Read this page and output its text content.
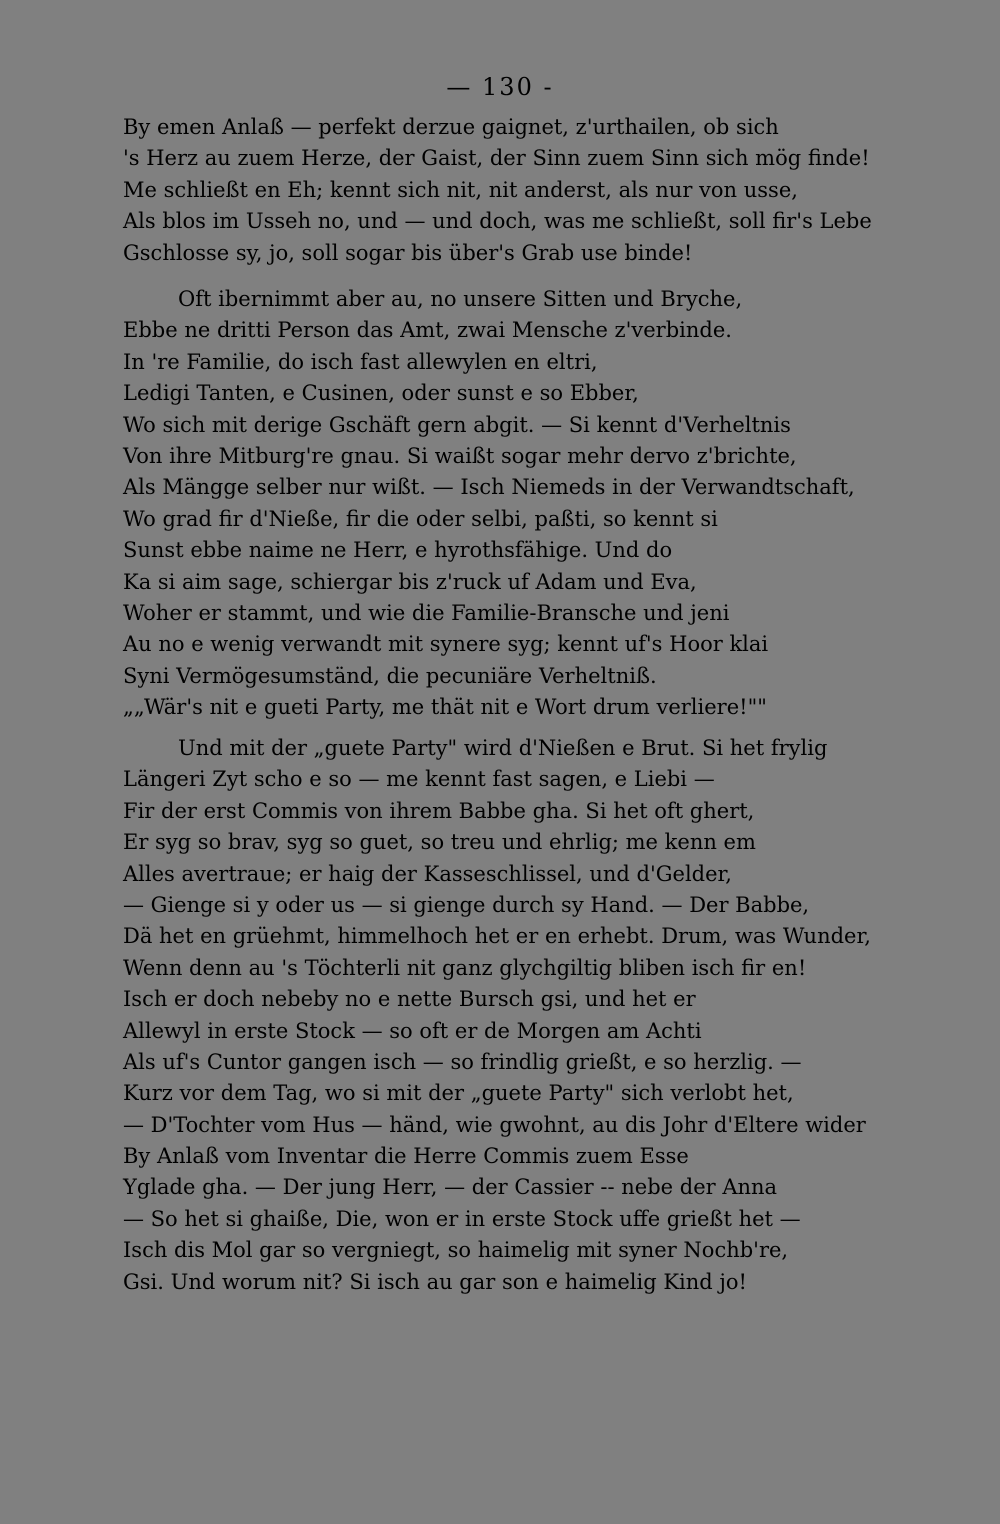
— 130 -
By emen Anlaß — perfekt derzue gaignet, z'urthailen, ob sich
's Herz au zuem Herze, der Gaist, der Sinn zuem Sinn sich mög finde!
Me schließt en Eh; kennt sich nit, nit anderst, als nur von usse,
Als blos im Usseh no, und — und doch, was me schließt, soll fir's Lebe
Gschlosse sy, jo, soll sogar bis über's Grab use binde!
Oft ibernimmt aber au, no unsere Sitten und Bryche,
Ebbe ne dritti Person das Amt, zwai Mensche z'verbinde.
In 're Familie, do isch fast allewylen en eltri,
Ledigi Tanten, e Cusinen, oder sunst e so Ebber,
Wo sich mit derige Gschäft gern abgit. — Si kennt d'Verheltnis
Von ihre Mitburg're gnau. Si waißt sogar mehr dervo z'brichte,
Als Mängge selber nur wißt. — Isch Niemeds in der Verwandtschaft,
Wo grad fir d'Nieße, fir die oder selbi, paßti, so kennt si
Sunst ebbe naime ne Herr, e hyrothsfähige. Und do
Ka si aim sage, schiergar bis z'ruck uf Adam und Eva,
Woher er stammt, und wie die Familie-Bransche und jeni
Au no e wenig verwandt mit synere syg; kennt uf's Hoor klai
Syni Vermögesumständ, die pecuniäre Verheltniß.
„„Wär's nit e gueti Party, me thät nit e Wort drum verliere!""
Und mit der „guete Party" wird d'Nießen e Brut. Si het frylig
Längeri Zyt scho e so — me kennt fast sagen, e Liebi —
Fir der erst Commis von ihrem Babbe gha. Si het oft ghert,
Er syg so brav, syg so guet, so treu und ehrlig; me kenn em
Alles avertraue; er haig der Kasseschlissel, und d'Gelder,
— Gienge si y oder us — si gienge durch sy Hand. — Der Babbe,
Dä het en grüehmt, himmelhoch het er en erhebt. Drum, was Wunder,
Wenn denn au 's Töchterli nit ganz glychgiltig bliben isch fir en!
Isch er doch nebeby no e nette Bursch gsi, und het er
Allewyl in erste Stock — so oft er de Morgen am Achti
Als uf's Cuntor gangen isch — so frindlig grießt, e so herzlig. —
Kurz vor dem Tag, wo si mit der „guete Party" sich verlobt het,
— D'Tochter vom Hus — händ, wie gwohnt, au dis Johr d'Eltere wider
By Anlaß vom Inventar die Herre Commis zuem Esse
Ygladе gha. — Der jung Herr, — der Cassier -- nebe der Anna
— So het si ghaiße, Die, won er in erste Stock uffe grießt het —
Isch dis Mol gar so vergniegt, so haimelig mit syner Nochb're,
Gsi. Und worum nit? Si isch au gar son e haimelig Kind jo!
